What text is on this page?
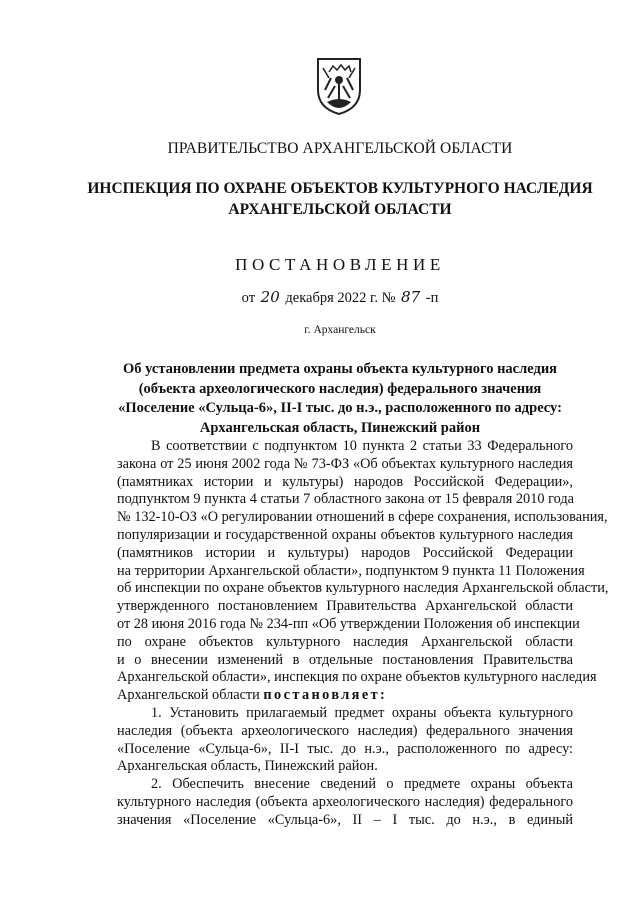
ПРАВИТЕЛЬСТВО АРХАНГЕЛЬСКОЙ ОБЛАСТИ
ИНСПЕКЦИЯ ПО ОХРАНЕ ОБЪЕКТОВ КУЛЬТУРНОГО НАСЛЕДИЯ
АРХАНГЕЛЬСКОЙ ОБЛАСТИ
ПОСТАНОВЛЕНИЕ
от 20 декабря 2022 г. № 87 -п
г. Архангельск
Об установлении предмета охраны объекта культурного наследия
(объекта археологического наследия) федерального значения
«Поселение «Сульца-6», II-I тыс. до н.э., расположенного по адресу:
Архангельская область, Пинежский район
В соответствии с подпунктом 10 пункта 2 статьи 33 Федерального
закона от 25 июня 2002 года № 73-ФЗ «Об объектах культурного наследия
(памятниках истории и культуры) народов Российской Федерации»,
подпунктом 9 пункта 4 статьи 7 областного закона от 15 февраля 2010 года
№ 132-10-ОЗ «О регулировании отношений в сфере сохранения, использования,
популяризации и государственной охраны объектов культурного наследия
(памятников истории и культуры) народов Российской Федерации
на территории Архангельской области», подпунктом 9 пункта 11 Положения
об инспекции по охране объектов культурного наследия Архангельской области,
утвержденного постановлением Правительства Архангельской области
от 28 июня 2016 года № 234-пп «Об утверждении Положения об инспекции
по охране объектов культурного наследия Архангельской области
и о внесении изменений в отдельные постановления Правительства
Архангельской области», инспекция по охране объектов культурного наследия
Архангельской области постановляет:
1. Установить прилагаемый предмет охраны объекта культурного
наследия (объекта археологического наследия) федерального значения
«Поселение «Сульца-6», II-I тыс. до н.э., расположенного по адресу:
Архангельская область, Пинежский район.
2. Обеспечить внесение сведений о предмете охраны объекта
культурного наследия (объекта археологического наследия) федерального
значения «Поселение «Сульца-6», II – I тыс. до н.э., в единый
